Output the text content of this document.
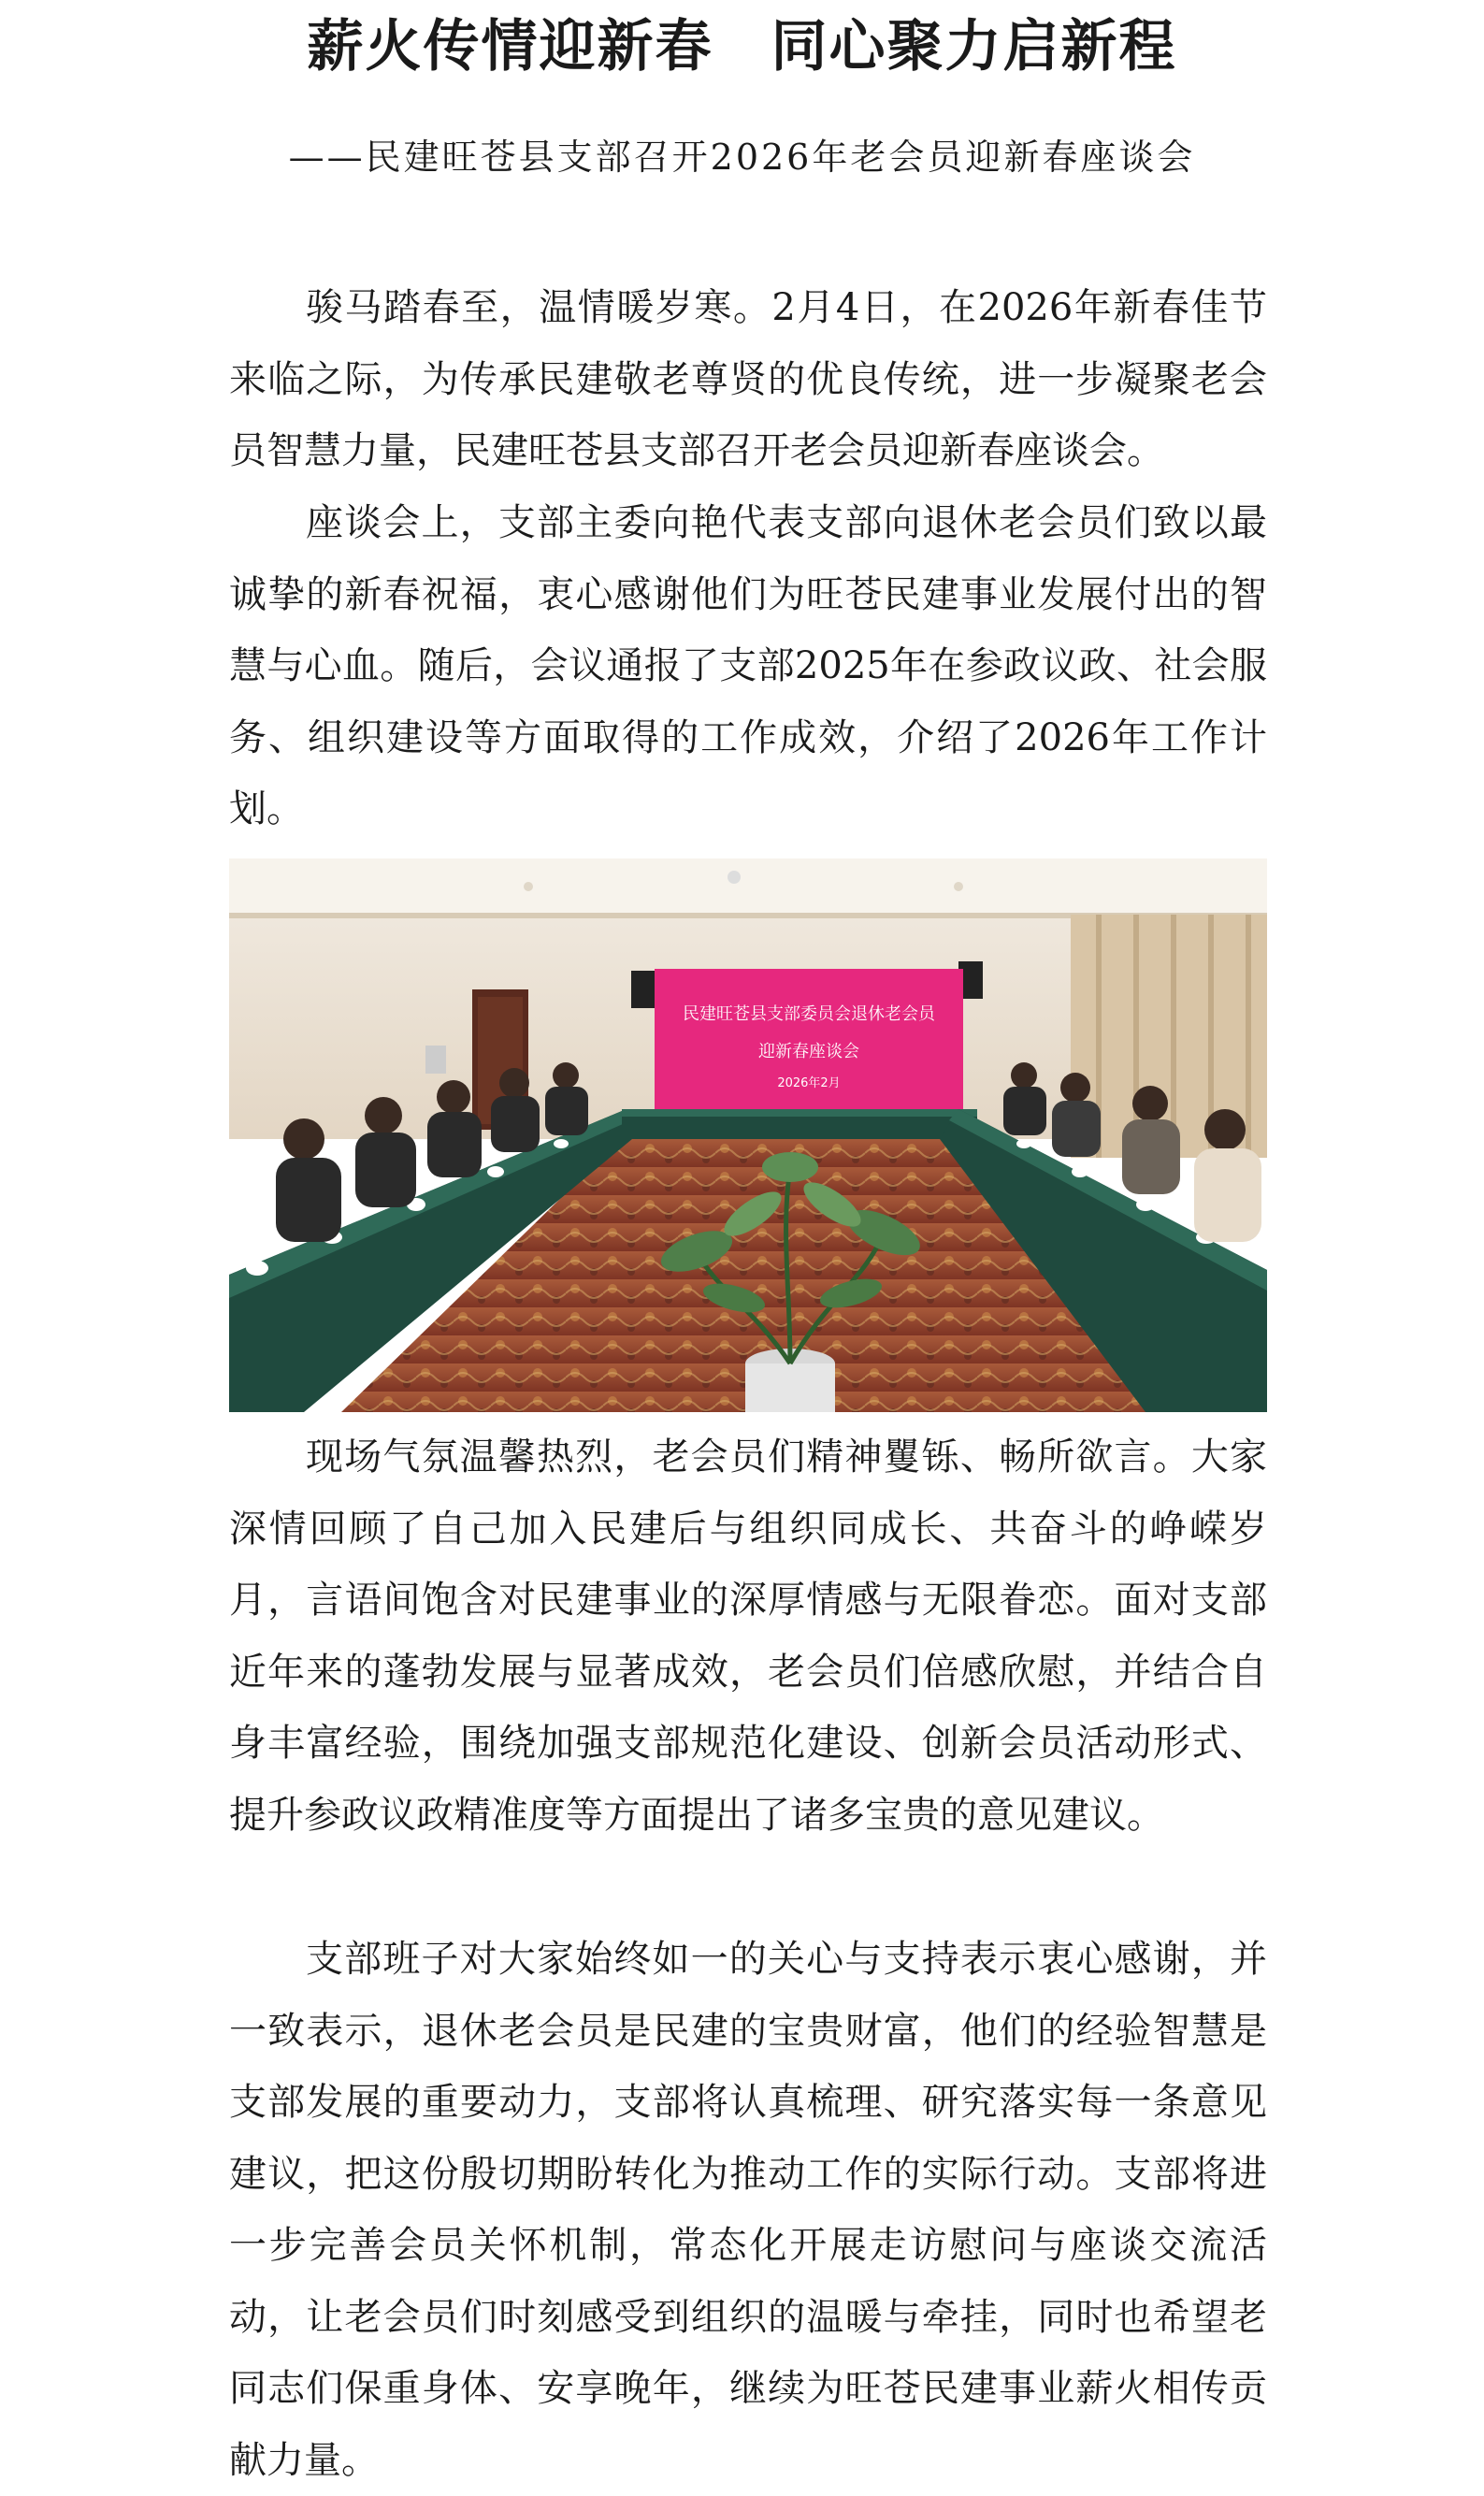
薪火传情迎新春　同心聚力启新程
——民建旺苍县支部召开2026年老会员迎新春座谈会

骏马踏春至，温情暖岁寒。2月4日，在2026年新春佳节来临之际，为传承民建敬老尊贤的优良传统，进一步凝聚老会员智慧力量，民建旺苍县支部召开老会员迎新春座谈会。

座谈会上，支部主委向艳代表支部向退休老会员们致以最诚挚的新春祝福，衷心感谢他们为旺苍民建事业发展付出的智慧与心血。随后，会议通报了支部2025年在参政议政、社会服务、组织建设等方面取得的工作成效，介绍了2026年工作计划。

民建旺苍县支部委员会退休老会员
迎新春座谈会
2026年2月

现场气氛温馨热烈，老会员们精神矍铄、畅所欲言。大家深情回顾了自己加入民建后与组织同成长、共奋斗的峥嵘岁月，言语间饱含对民建事业的深厚情感与无限眷恋。面对支部近年来的蓬勃发展与显著成效，老会员们倍感欣慰，并结合自身丰富经验，围绕加强支部规范化建设、创新会员活动形式、提升参政议政精准度等方面提出了诸多宝贵的意见建议。

支部班子对大家始终如一的关心与支持表示衷心感谢，并一致表示，退休老会员是民建的宝贵财富，他们的经验智慧是支部发展的重要动力，支部将认真梳理、研究落实每一条意见建议，把这份殷切期盼转化为推动工作的实际行动。支部将进一步完善会员关怀机制，常态化开展走访慰问与座谈交流活动，让老会员们时刻感受到组织的温暖与牵挂，同时也希望老同志们保重身体、安享晚年，继续为旺苍民建事业薪火相传贡献力量。
